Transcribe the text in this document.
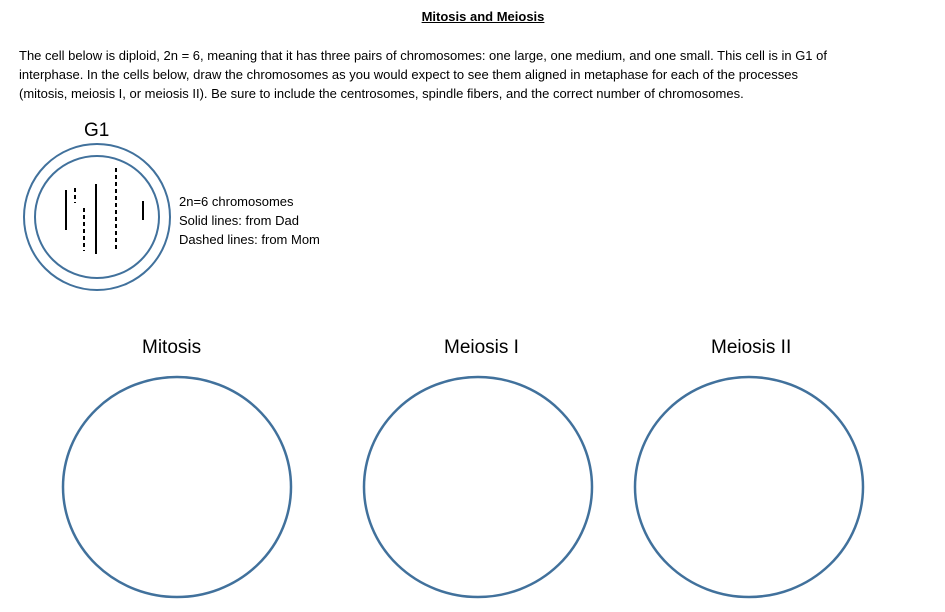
Mitosis and Meiosis

The cell below is diploid, 2n = 6, meaning that it has three pairs of chromosomes: one large, one medium, and one small. This cell is in G1 of

interphase. In the cells below, draw the chromosomes as you would expect to see them aligned in metaphase for each of the processes

(mitosis, meiosis I, or meiosis II). Be sure to include the centrosomes, spindle fibers, and the correct number of chromosomes.

G1
2n=6 chromosomes
Solid lines: from Dad
Dashed lines: from Mom
Mitosis	Meiosis I	Meiosis II
